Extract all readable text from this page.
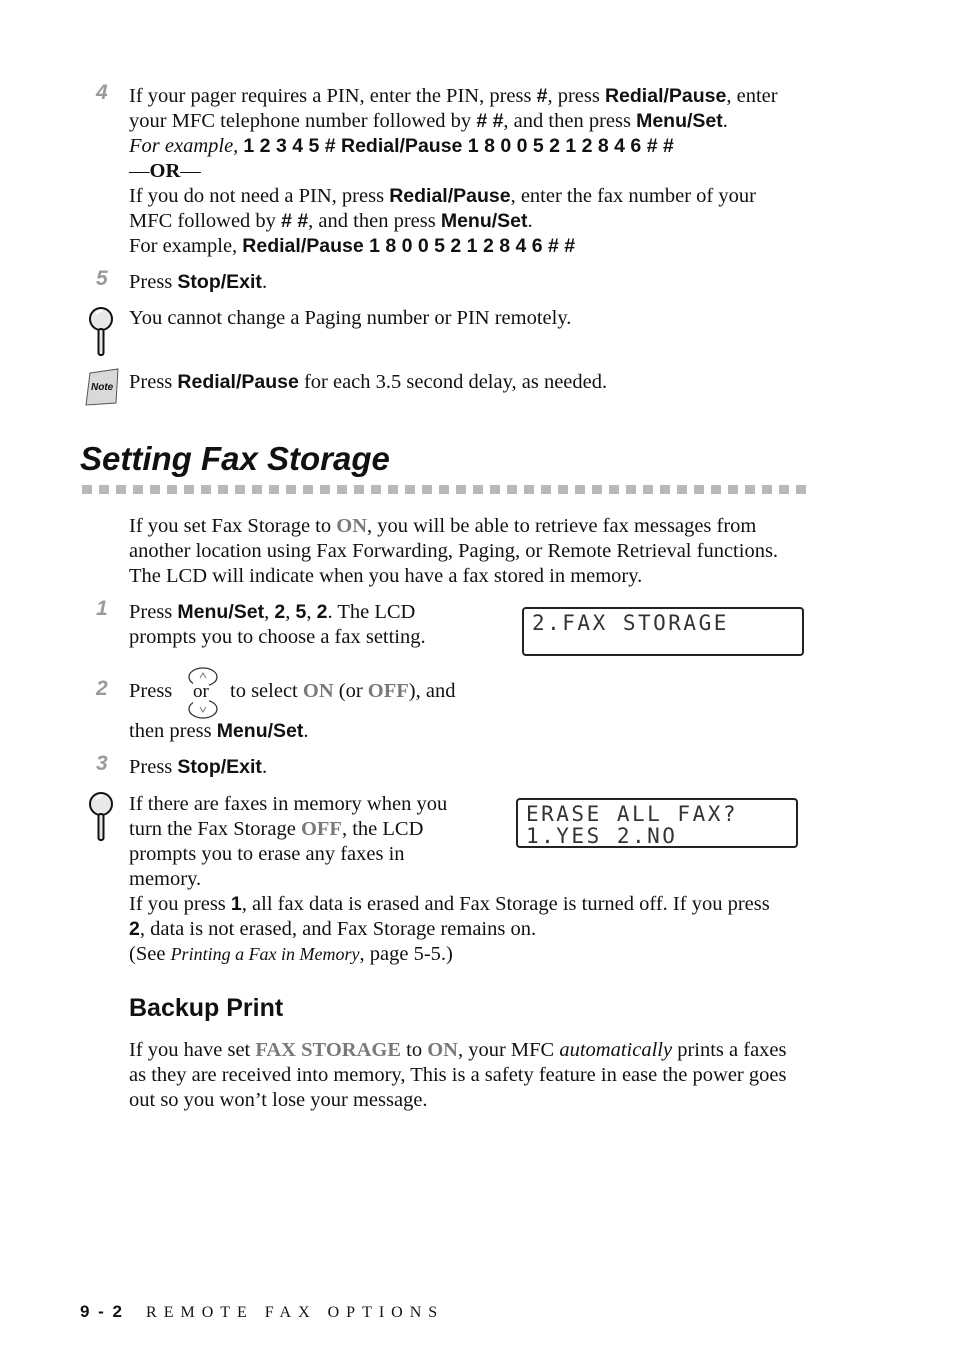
4 If your pager requires a PIN, enter the PIN, press #, press Redial/Pause, enter
your MFC telephone number followed by # #, and then press Menu/Set.
For example, 1 2 3 4 5 # Redial/Pause 1 8 0 0 5 2 1 2 8 4 6 # #
—OR—
If you do not need a PIN, press Redial/Pause, enter the fax number of your
MFC followed by # #, and then press Menu/Set.
For example, Redial/Pause 1 8 0 0 5 2 1 2 8 4 6 # #
5 Press Stop/Exit.
You cannot change a Paging number or PIN remotely.
Note Press Redial/Pause for each 3.5 second delay, as needed.
Setting Fax Storage
If you set Fax Storage to ON, you will be able to retrieve fax messages from
another location using Fax Forwarding, Paging, or Remote Retrieval functions.
The LCD will indicate when you have a fax stored in memory.
1 Press Menu/Set, 2, 5, 2. The LCD
prompts you to choose a fax setting.
2.FAX STORAGE
2 Press or to select ON (or OFF), and
then press Menu/Set.
3 Press Stop/Exit.
If there are faxes in memory when you
turn the Fax Storage OFF, the LCD
prompts you to erase any faxes in
memory.
If you press 1, all fax data is erased and Fax Storage is turned off. If you press
2, data is not erased, and Fax Storage remains on.
(See Printing a Fax in Memory, page 5-5.)
ERASE ALL FAX?
1.YES 2.NO
Backup Print
If you have set FAX STORAGE to ON, your MFC automatically prints a faxes
as they are received into memory, This is a safety feature in ease the power goes
out so you won’t lose your message.
9 - 2 REMOTE FAX OPTIONS
